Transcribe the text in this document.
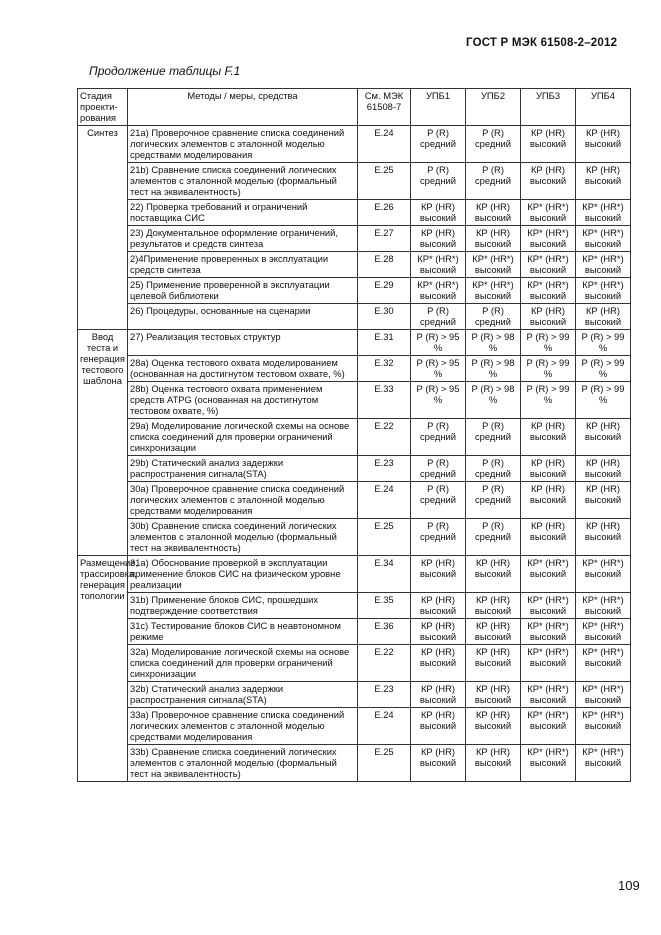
ГОСТ Р МЭК 61508-2–2012
Продолжение таблицы F.1
Стадия проекти-рования	Методы / меры, средства	См. МЭК 61508-7	УПБ1	УПБ2	УПБ3	УПБ4
Синтез	21a) Проверочное сравнение списка соединений логических элементов с эталонной моделью средствами моделирования	Е.24	Р (R) средний	Р (R) средний	КР (HR) высокий	КР (HR) высокий
	21b) Сравнение списка соединений логических элементов с эталонной моделью (формальный тест на эквивалентность)	Е.25	Р (R) средний	Р (R) средний	КР (HR) высокий	КР (HR) высокий
	22) Проверка требований и ограничений поставщика СИС	Е.26	КР (HR) высокий	КР (HR) высокий	КР* (HR*) высокий	КР* (HR*) высокий
	23) Документальное оформление ограничений, результатов и средств синтеза	Е.27	КР (HR) высокий	КР (HR) высокий	КР* (HR*) высокий	КР* (HR*) высокий
	2)4Применение проверенных в эксплуатации средств синтеза	Е.28	КР* (HR*) высокий	КР* (HR*) высокий	КР* (HR*) высокий	КР* (HR*) высокий
	25) Применение проверенной в эксплуатации целевой библиотеки	Е.29	КР* (HR*) высокий	КР* (HR*) высокий	КР* (HR*) высокий	КР* (HR*) высокий
	26) Процедуры, основанные на сценарии	Е.30	Р (R) средний	Р (R) средний	КР (HR) высокий	КР (HR) высокий
Ввод теста и генерация тестового шаблона	27) Реализация тестовых структур	Е.31	Р (R) > 95 %	Р (R) > 98 %	Р (R) > 99 %	Р (R) > 99 %
	28a) Оценка тестового охвата моделированием (основанная на достигнутом тестовом охвате, %)	Е.32	Р (R) > 95 %	Р (R) > 98 %	Р (R) > 99 %	Р (R) > 99 %
	28b) Оценка тестового охвата применением средств ATPG (основанная на достигнутом тестовом охвате, %)	Е.33	Р (R) > 95 %	Р (R) > 98 %	Р (R) > 99 %	Р (R) > 99 %
	29a) Моделирование логической схемы на основе списка соединений для проверки ограничений синхронизации	Е.22	Р (R) средний	Р (R) средний	КР (HR) высокий	КР (HR) высокий
	29b) Статический анализ задержки распространения сигнала(STA)	Е.23	Р (R) средний	Р (R) средний	КР (HR) высокий	КР (HR) высокий
	30a) Проверочное сравнение списка соединений логических элементов с эталонной моделью средствами моделирования	Е.24	Р (R) средний	Р (R) средний	КР (HR) высокий	КР (HR) высокий
	30b) Сравнение списка соединений логических элементов с эталонной моделью (формальный тест на эквивалентность)	Е.25	Р (R) средний	Р (R) средний	КР (HR) высокий	КР (HR) высокий
Размещение, трассировка, генерация топологии	31a) Обоснование проверкой в эксплуатации применение блоков СИС на физическом уровне реализации	Е.34	КР (HR) высокий	КР (HR) высокий	КР* (HR*) высокий	КР* (HR*) высокий
	31b) Применение блоков СИС, прошедших подтверждение соответствия	Е.35	КР (HR) высокий	КР (HR) высокий	КР* (HR*) высокий	КР* (HR*) высокий
	31c) Тестирование блоков СИС в неавтономном режиме	Е.36	КР (HR) высокий	КР (HR) высокий	КР* (HR*) высокий	КР* (HR*) высокий
	32a) Моделирование логической схемы на основе списка соединений для проверки ограничений синхронизации	Е.22	КР (HR) высокий	КР (HR) высокий	КР* (HR*) высокий	КР* (HR*) высокий
	32b) Статический анализ задержки распространения сигнала(STA)	Е.23	КР (HR) высокий	КР (HR) высокий	КР* (HR*) высокий	КР* (HR*) высокий
	33a) Проверочное сравнение списка соединений логических элементов с эталонной моделью средствами моделирования	Е.24	КР (HR) высокий	КР (HR) высокий	КР* (HR*) высокий	КР* (HR*) высокий
	33b) Сравнение списка соединений логических элементов с эталонной моделью (формальный тест на эквивалентность)	Е.25	КР (HR) высокий	КР (HR) высокий	КР* (HR*) высокий	КР* (HR*) высокий
109
